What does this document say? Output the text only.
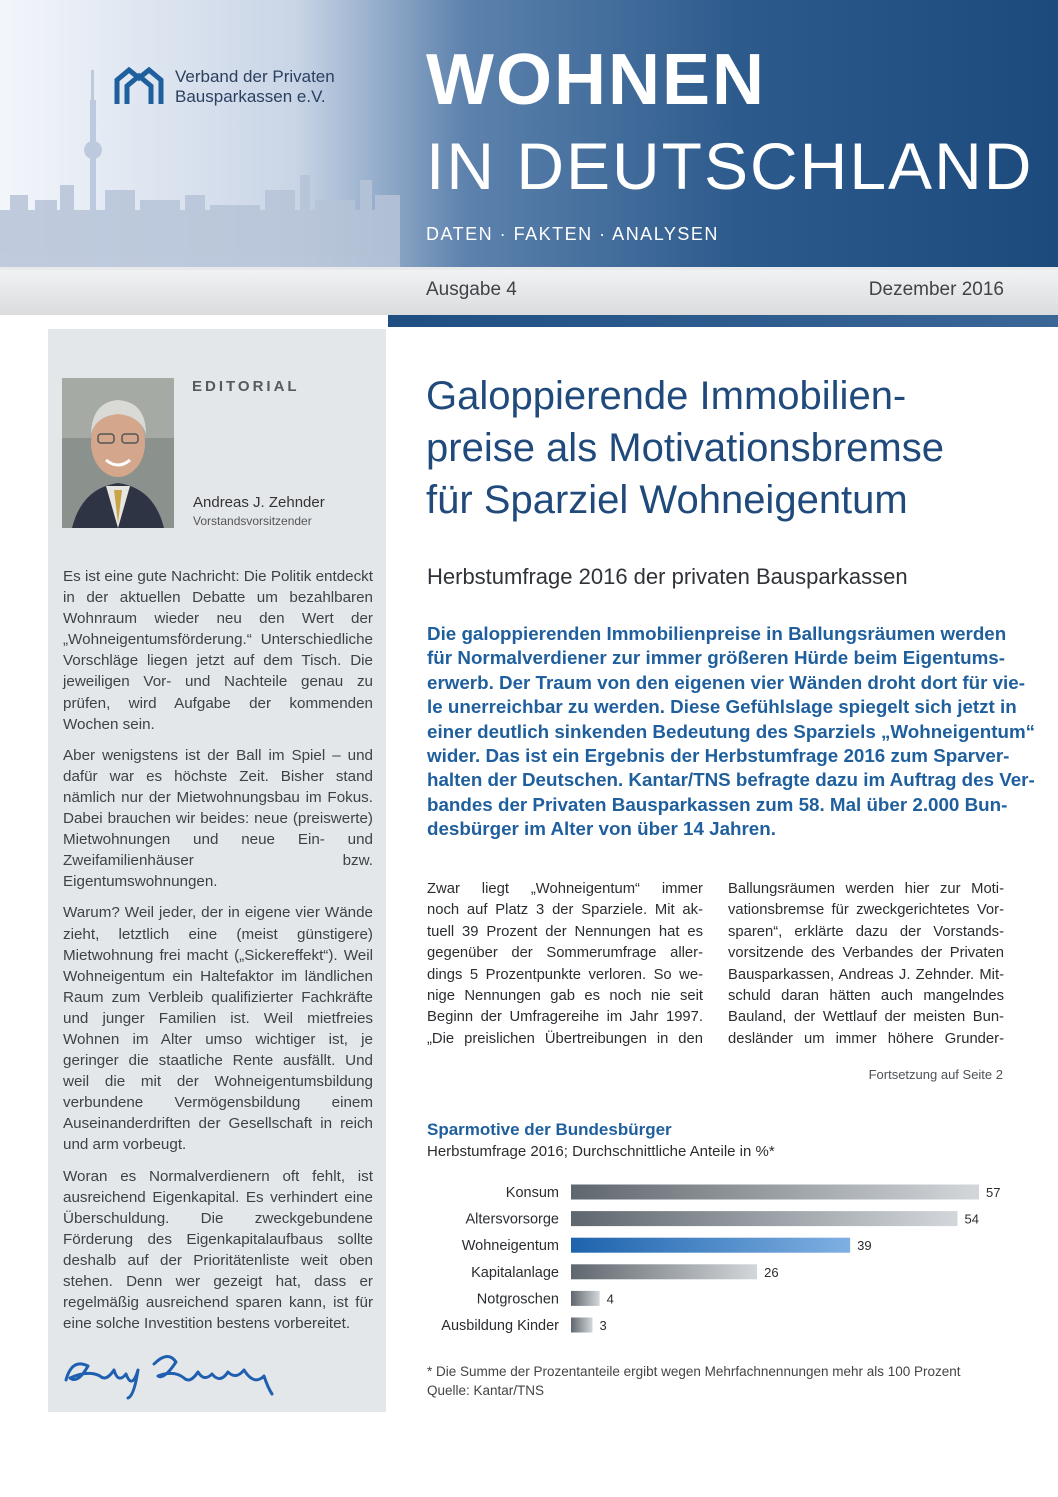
Verband der Privaten
Bausparkassen e.V. WOHNEN
IN DEUTSCHLAND
DATEN · FAKTEN · ANALYSEN
Ausgabe 4	Dezember 2016
EDITORIAL
Andreas J. Zehnder
Vorstandsvorsitzender

Es ist eine gute Nachricht: Die Politik entdeckt in der aktuellen Debatte um bezahlbaren Wohnraum wieder neu den Wert der „Wohneigentumsförderung.“ Unterschiedliche Vorschläge liegen jetzt auf dem Tisch. Die jeweiligen Vor- und Nachteile genau zu prüfen, wird Aufgabe der kommenden Wochen sein.

Aber wenigstens ist der Ball im Spiel – und dafür war es höchste Zeit. Bisher stand nämlich nur der Mietwohnungsbau im Fokus. Dabei brauchen wir beides: neue (preiswerte) Mietwohnungen und neue Ein- und Zweifamilienhäuser bzw. Eigentumswohnungen.

Warum? Weil jeder, der in eigene vier Wände zieht, letztlich eine (meist günstigere) Mietwohnung frei macht („Sickereffekt“). Weil Wohneigentum ein Haltefaktor im ländlichen Raum zum Verbleib qualifizierter Fachkräfte und junger Familien ist. Weil mietfreies Wohnen im Alter umso wichtiger ist, je geringer die staatliche Rente ausfällt. Und weil die mit der Wohneigentumsbildung verbundene Vermögensbildung einem Auseinanderdriften der Gesellschaft in reich und arm vorbeugt.

Woran es Normalverdienern oft fehlt, ist ausreichend Eigenkapital. Es verhindert eine Überschuldung. Die zweckgebundene Förderung des Eigenkapitalaufbaus sollte deshalb auf der Prioritätenliste weit oben stehen. Denn wer gezeigt hat, dass er regelmäßig ausreichend sparen kann, ist für eine solche Investition bestens vorbereitet.

Galoppierende Immobilien-
preise als Motivationsbremse
für Sparziel Wohneigentum
Herbstumfrage 2016 der privaten Bausparkassen
Die galoppierenden Immobilienpreise in Ballungsräumen werden
für Normalverdiener zur immer größeren Hürde beim Eigentums-
erwerb. Der Traum von den eigenen vier Wänden droht dort für vie-
le unerreichbar zu werden. Diese Gefühlslage spiegelt sich jetzt in
einer deutlich sinkenden Bedeutung des Sparziels „Wohneigentum“
wider. Das ist ein Ergebnis der Herbstumfrage 2016 zum Sparver-
halten der Deutschen. Kantar/TNS befragte dazu im Auftrag des Ver-
bandes der Privaten Bausparkassen zum 58. Mal über 2.000 Bun-
desbürger im Alter von über 14 Jahren.
Zwar liegt „Wohneigentum“ immer
noch auf Platz 3 der Sparziele. Mit ak-
tuell 39 Prozent der Nennungen hat es
gegenüber der Sommerumfrage aller-
dings 5 Prozentpunkte verloren. So we-
nige Nennungen gab es noch nie seit
Beginn der Umfragereihe im Jahr 1997.
„Die preislichen Übertreibungen in den
Ballungsräumen werden hier zur Moti-
vationsbremse für zweckgerichtetes Vor-
sparen“, erklärte dazu der Vorstands-
vorsitzende des Verbandes der Privaten
Bausparkassen, Andreas J. Zehnder. Mit-
schuld daran hätten auch mangelndes
Bauland, der Wettlauf der meisten Bun-
desländer um immer höhere Grunder-
Fortsetzung auf Seite 2
Sparmotive der Bundesbürger
Herbstumfrage 2016; Durchschnittliche Anteile in %*
Konsum	57
Altersvorsorge	54
Wohneigentum	39
Kapitalanlage	26
Notgroschen	4
Ausbildung Kinder	3
* Die Summe der Prozentanteile ergibt wegen Mehrfachnennungen mehr als 100 Prozent
Quelle: Kantar/TNS
